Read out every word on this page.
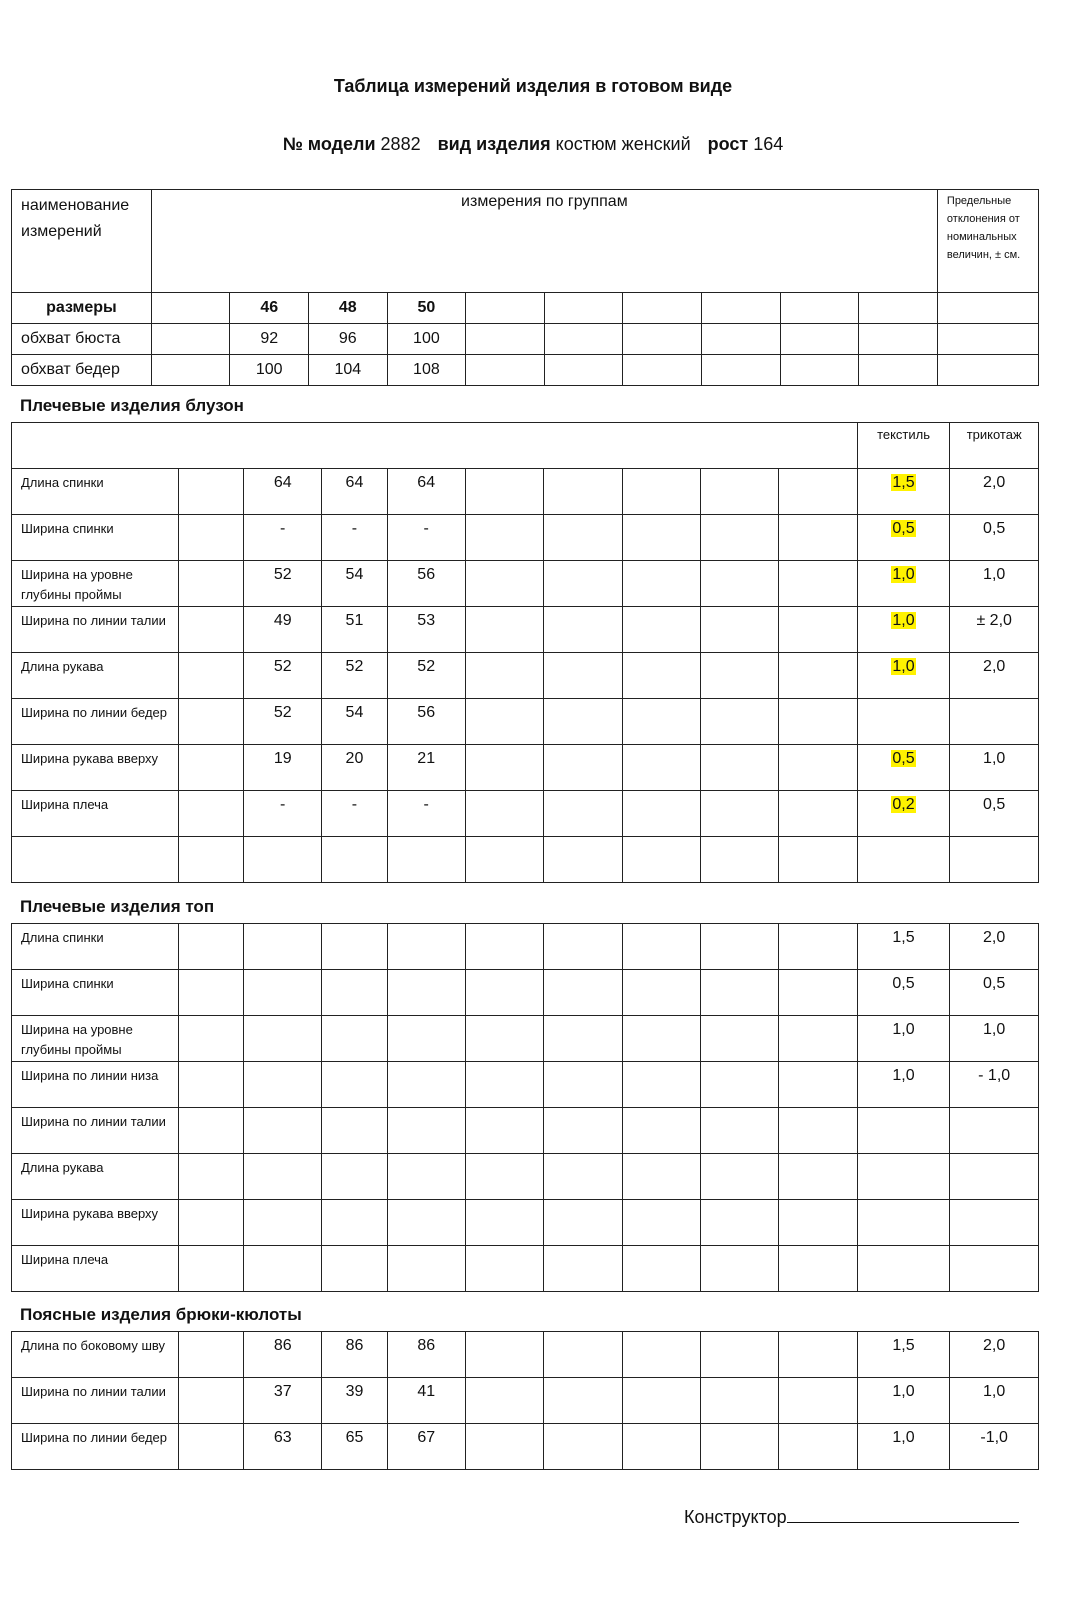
Таблица измерений изделия в готовом виде
№ модели 2882 вид изделия костюм женский рост 164
наименование измерений	измерения по группам										Предельные отклонения от номинальных величин, ± см.
размеры		46	48	50							
обхват бюста		92	96	100							
обхват бедер		100	104	108							
Плечевые изделия блузон
										текстиль	трикотаж
Длина спинки		64	64	64						1,5	2,0
Ширина спинки		-	-	-						0,5	0,5
Ширина на уровне глубины проймы		52	54	56						1,0	1,0
Ширина по линии талии		49	51	53						1,0	± 2,0
Длина рукава		52	52	52						1,0	2,0
Ширина по линии бедер		52	54	56							
Ширина рукава вверху		19	20	21						0,5	1,0
Ширина плеча		-	-	-						0,2	0,5

Плечевые изделия топ
Длина спинки										1,5	2,0
Ширина спинки										0,5	0,5
Ширина на уровне глубины проймы										1,0	1,0
Ширина по линии низа										1,0	- 1,0
Ширина по линии талии											
Длина рукава											
Ширина рукава вверху											
Ширина плеча											
Поясные изделия брюки-кюлоты
Длина по боковому шву		86	86	86						1,5	2,0
Ширина по линии талии		37	39	41						1,0	1,0
Ширина по линии бедер		63	65	67						1,0	-1,0
Конструктор
